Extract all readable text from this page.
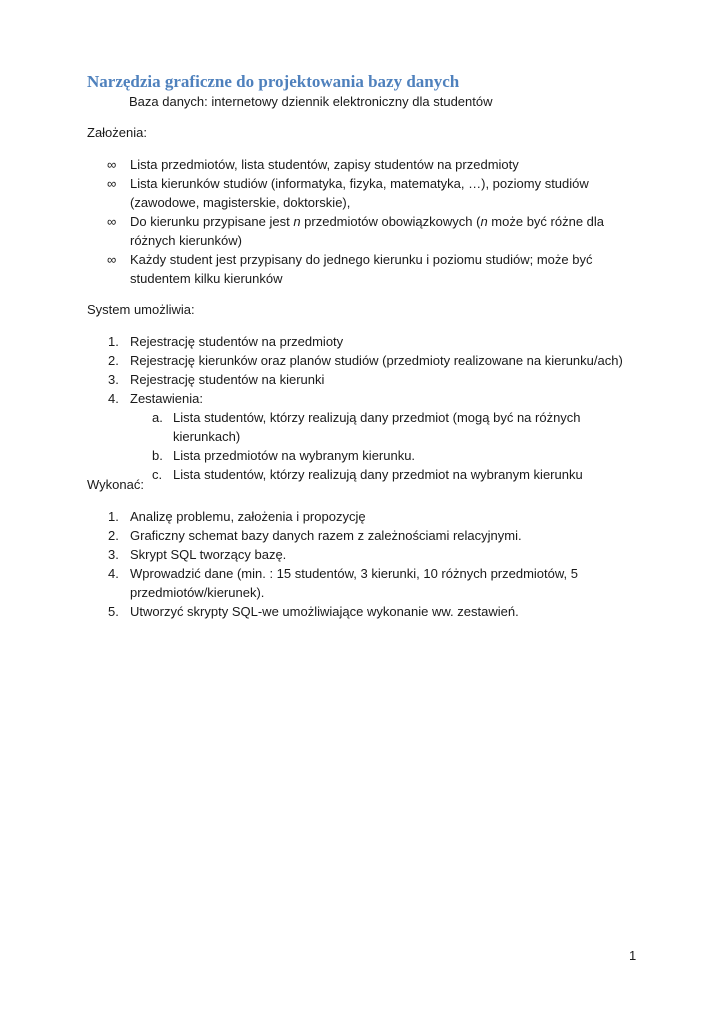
Narzędzia graficzne do projektowania bazy danych

Baza danych: internetowy dziennik elektroniczny dla studentów

Założenia:

∞ Lista przedmiotów, lista studentów, zapisy studentów na przedmioty
∞ Lista kierunków studiów (informatyka, fizyka, matematyka, …), poziomy studiów (zawodowe, magisterskie, doktorskie),
∞ Do kierunku przypisane jest n przedmiotów obowiązkowych (n może być różne dla różnych kierunków)
∞ Każdy student jest przypisany do jednego kierunku i poziomu studiów; może być studentem kilku kierunków

System umożliwia:

1. Rejestrację studentów na przedmioty
2. Rejestrację kierunków oraz planów studiów (przedmioty realizowane na kierunku/ach)
3. Rejestrację studentów na kierunki
4. Zestawienia:
a. Lista studentów, którzy realizują dany przedmiot (mogą być na różnych kierunkach)
b. Lista przedmiotów na wybranym kierunku.
c. Lista studentów, którzy realizują dany przedmiot na wybranym kierunku

Wykonać:

1. Analizę problemu, założenia i propozycję
2. Graficzny schemat bazy danych razem z zależnościami relacyjnymi.
3. Skrypt SQL tworzący bazę.
4. Wprowadzić dane (min. : 15 studentów, 3 kierunki, 10 różnych przedmiotów, 5 przedmiotów/kierunek).
5. Utworzyć skrypty SQL-we umożliwiające wykonanie ww. zestawień.

1
